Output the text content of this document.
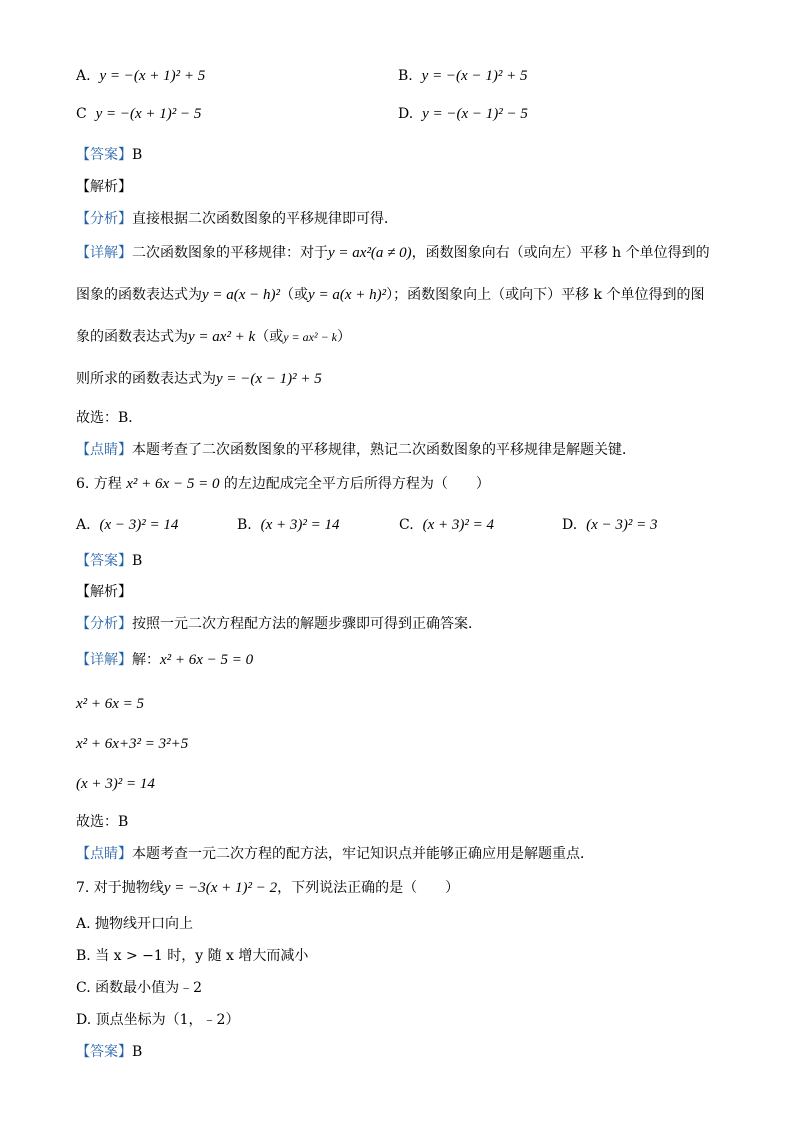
A. y = −(x + 1)² + 5	B. y = −(x − 1)² + 5
C y = −(x + 1)² − 5	D. y = −(x − 1)² − 5
【答案】B
【解析】
【分析】直接根据二次函数图象的平移规律即可得．
【详解】二次函数图象的平移规律：对于y = ax²(a ≠ 0)，函数图象向右（或向左）平移 h 个单位得到的
图象的函数表达式为y = a(x − h)²（或y = a(x + h)²）；函数图象向上（或向下）平移 k 个单位得到的图
象的函数表达式为y = ax² + k（或y = ax² − k）
则所求的函数表达式为y = −(x − 1)² + 5
故选：B．
【点睛】本题考查了二次函数图象的平移规律，熟记二次函数图象的平移规律是解题关键．
6. 方程 x² + 6x − 5 = 0 的左边配成完全平方后所得方程为（　　）
A. (x − 3)² = 14	B. (x + 3)² = 14	C. (x + 3)² = 4	D. (x − 3)² = 3
【答案】B
【解析】
【分析】按照一元二次方程配方法的解题步骤即可得到正确答案．
【详解】解：x² + 6x − 5 = 0
x² + 6x = 5
x² + 6x+3² = 3²+5
(x + 3)² = 14
故选：B
【点睛】本题考查一元二次方程的配方法，牢记知识点并能够正确应用是解题重点．
7. 对于抛物线y = −3(x + 1)² − 2，下列说法正确的是（　　）
A. 抛物线开口向上
B. 当 x > −1 时，y 随 x 增大而减小
C. 函数最小值为﹣2
D. 顶点坐标为（1，﹣2）
【答案】B
